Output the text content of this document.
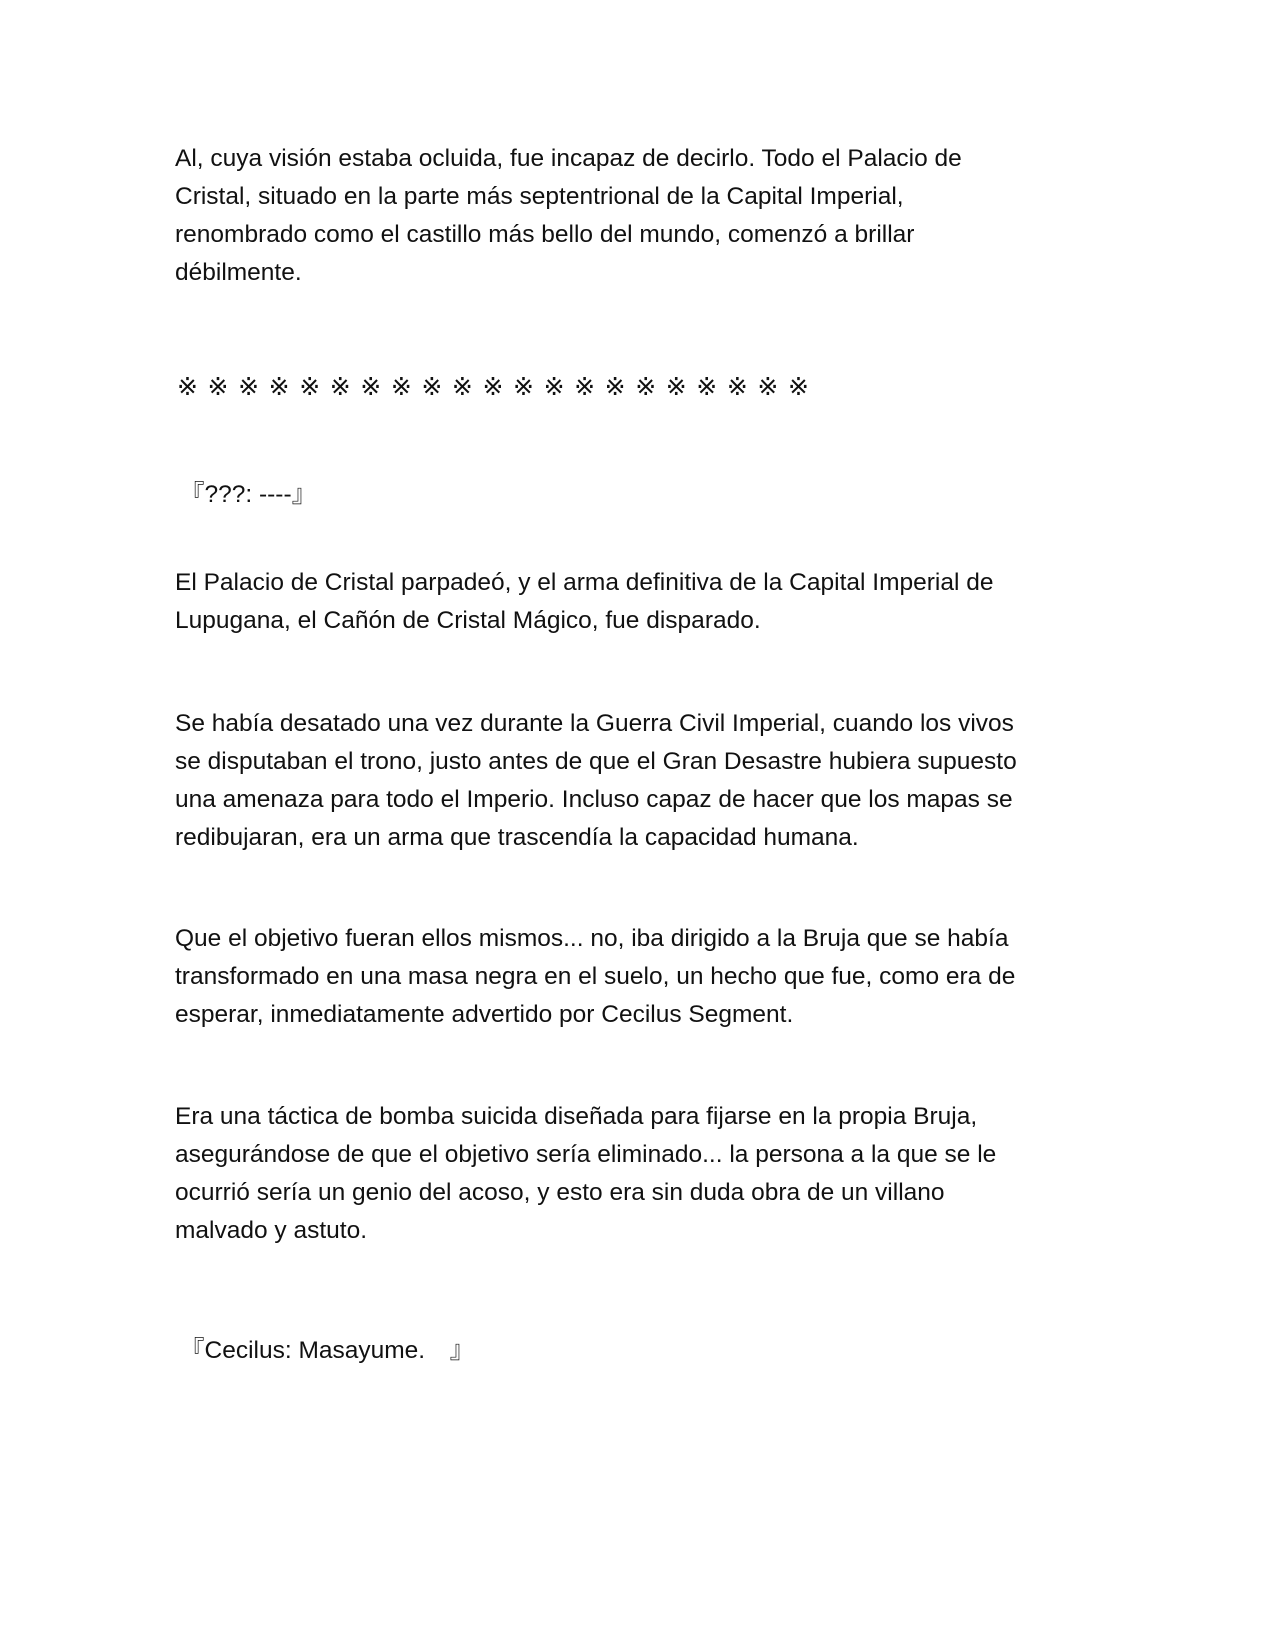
Al, cuya visión estaba ocluida, fue incapaz de decirlo. Todo el Palacio de
Cristal, situado en la parte más septentrional de la Capital Imperial,
renombrado como el castillo más bello del mundo, comenzó a brillar
débilmente.

※※※※※※※※※※※※※※※※※※※※※

『???: ----』

El Palacio de Cristal parpadeó, y el arma definitiva de la Capital Imperial de
Lupugana, el Cañón de Cristal Mágico, fue disparado.

Se había desatado una vez durante la Guerra Civil Imperial, cuando los vivos
se disputaban el trono, justo antes de que el Gran Desastre hubiera supuesto
una amenaza para todo el Imperio. Incluso capaz de hacer que los mapas se
redibujaran, era un arma que trascendía la capacidad humana.

Que el objetivo fueran ellos mismos... no, iba dirigido a la Bruja que se había
transformado en una masa negra en el suelo, un hecho que fue, como era de
esperar, inmediatamente advertido por Cecilus Segment.

Era una táctica de bomba suicida diseñada para fijarse en la propia Bruja,
asegurándose de que el objetivo sería eliminado... la persona a la que se le
ocurrió sería un genio del acoso, y esto era sin duda obra de un villano
malvado y astuto.

『Cecilus: Masayume.　』
